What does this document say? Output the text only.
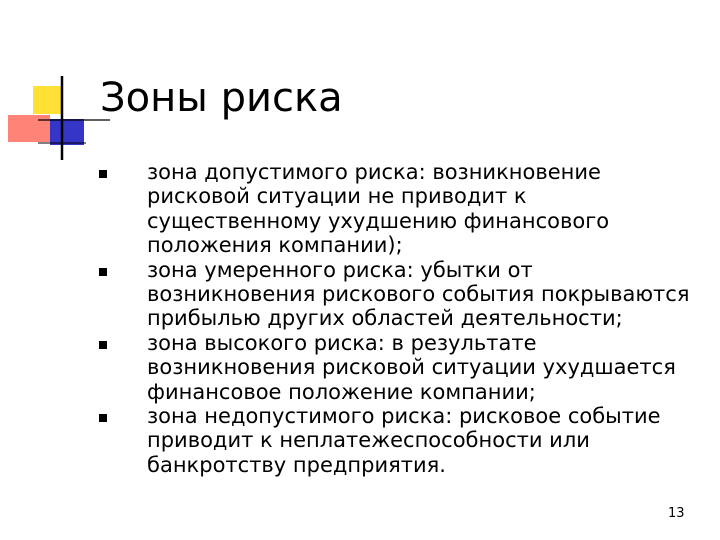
Зоны риска
зона допустимого риска: возникновение рисковой ситуации не приводит к существенному ухудшению финансового положения компании);
зона умеренного риска: убытки от возникновения рискового события покрываются прибылью других областей деятельности;
зона высокого риска: в результате возникновения рисковой ситуации ухудшается финансовое положение компании;
зона недопустимого риска: рисковое событие приводит к неплатежеспособности или банкротству предприятия.
13
